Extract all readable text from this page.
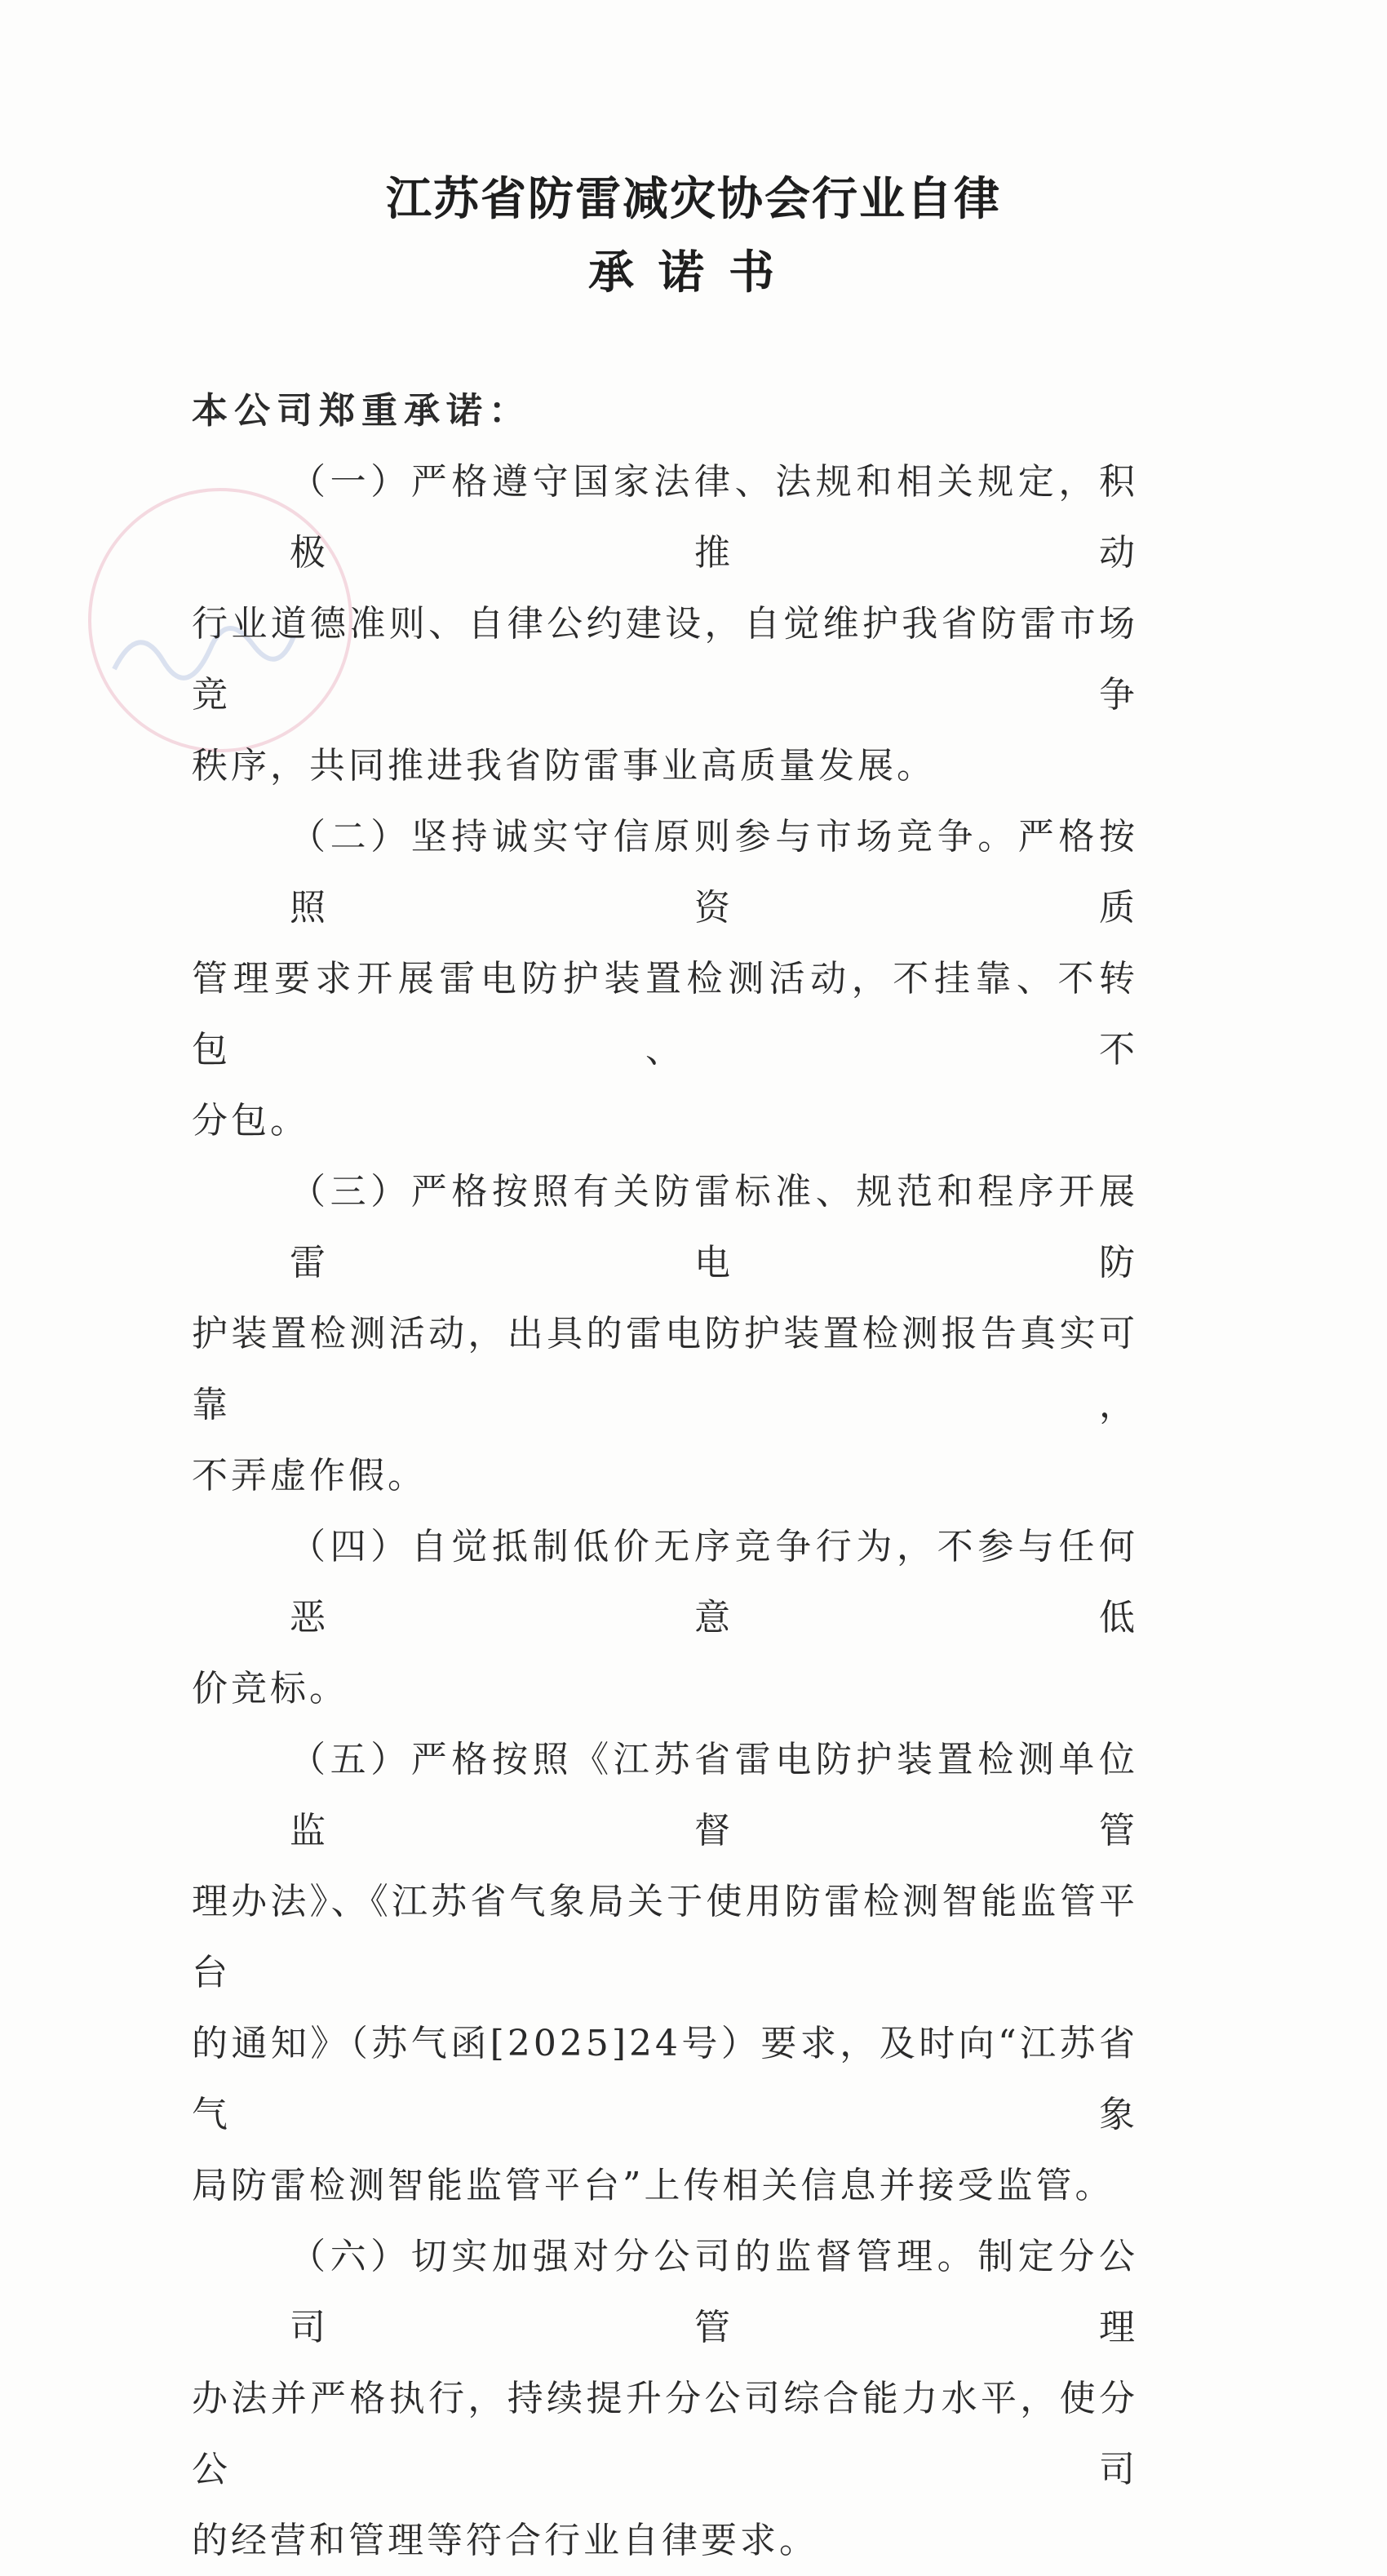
江苏省防雷减灾协会行业自律
承诺书
本公司郑重承诺：
（一）严格遵守国家法律、法规和相关规定，积极推动
行业道德准则、自律公约建设，自觉维护我省防雷市场竞争
秩序，共同推进我省防雷事业高质量发展。
（二）坚持诚实守信原则参与市场竞争。严格按照资质
管理要求开展雷电防护装置检测活动，不挂靠、不转包、不
分包。
（三）严格按照有关防雷标准、规范和程序开展雷电防
护装置检测活动，出具的雷电防护装置检测报告真实可靠，
不弄虚作假。
（四）自觉抵制低价无序竞争行为，不参与任何恶意低
价竞标。
（五）严格按照《江苏省雷电防护装置检测单位监督管
理办法》、《江苏省气象局关于使用防雷检测智能监管平台
的通知》（苏气函[2025]24号）要求，及时向“江苏省气象
局防雷检测智能监管平台”上传相关信息并接受监管。
（六）切实加强对分公司的监督管理。制定分公司管理
办法并严格执行，持续提升分公司综合能力水平，使分公司
的经营和管理等符合行业自律要求。
